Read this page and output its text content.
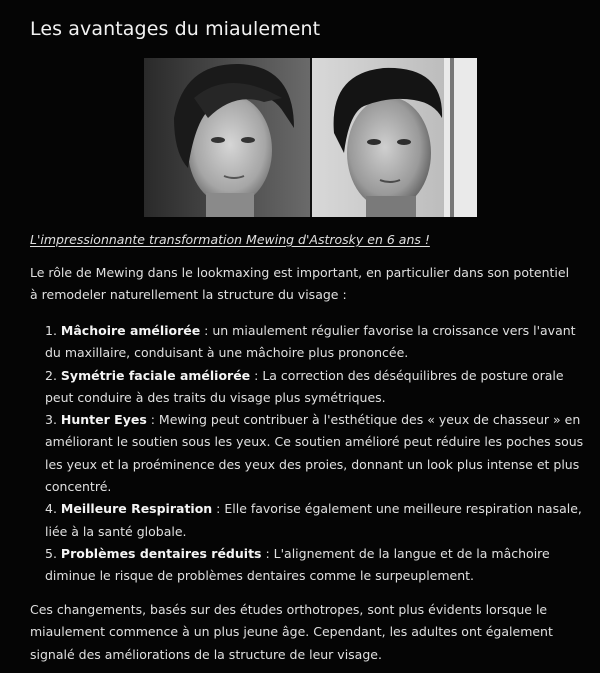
Les avantages du miaulement
L'impressionnante transformation Mewing d'Astrosky en 6 ans !

Le rôle de Mewing dans le lookmaxing est important, en particulier dans son potentiel à remodeler naturellement la structure du visage :

1. Mâchoire améliorée : un miaulement régulier favorise la croissance vers l'avant du maxillaire, conduisant à une mâchoire plus prononcée.
2. Symétrie faciale améliorée : La correction des déséquilibres de posture orale peut conduire à des traits du visage plus symétriques.
3. Hunter Eyes : Mewing peut contribuer à l'esthétique des « yeux de chasseur » en améliorant le soutien sous les yeux. Ce soutien amélioré peut réduire les poches sous les yeux et la proéminence des yeux des proies, donnant un look plus intense et plus concentré.
4. Meilleure Respiration : Elle favorise également une meilleure respiration nasale, liée à la santé globale.
5. Problèmes dentaires réduits : L'alignement de la langue et de la mâchoire diminue le risque de problèmes dentaires comme le surpeuplement.

Ces changements, basés sur des études orthotropes, sont plus évidents lorsque le miaulement commence à un plus jeune âge. Cependant, les adultes ont également signalé des améliorations de la structure de leur visage.
